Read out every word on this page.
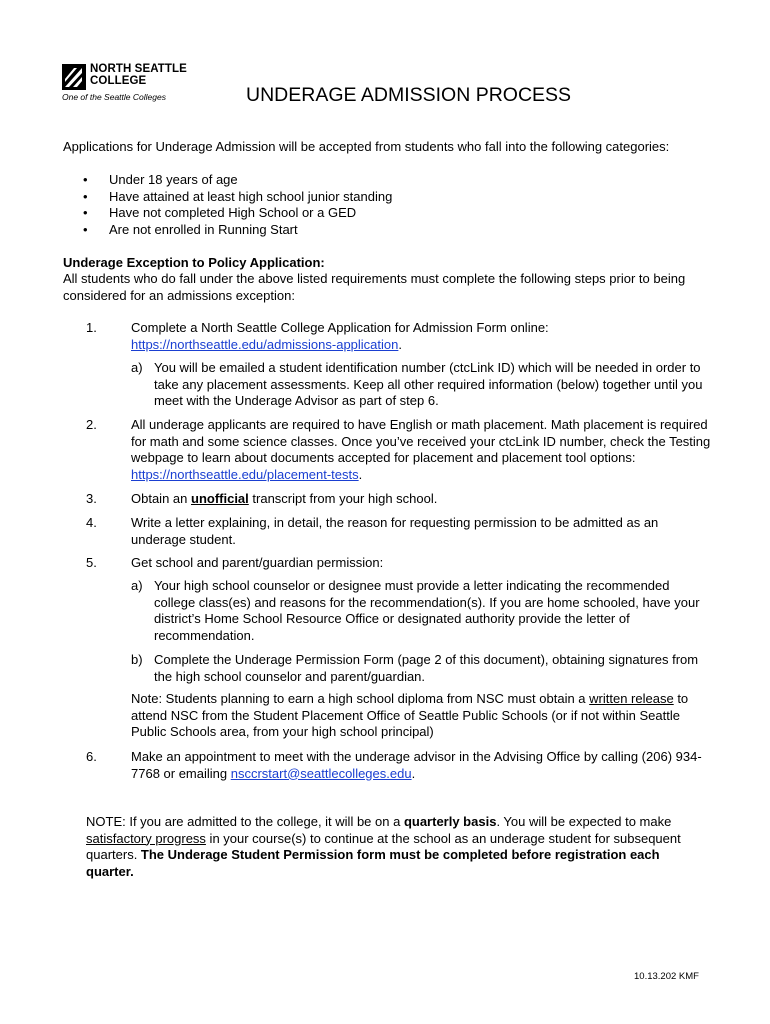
NORTH SEATTLE
COLLEGE
One of the Seattle Colleges	UNDERAGE ADMISSION PROCESS
Applications for Underage Admission will be accepted from students who fall into the following categories:
• Under 18 years of age
• Have attained at least high school junior standing
• Have not completed High School or a GED
• Are not enrolled in Running Start
Underage Exception to Policy Application:
All students who do fall under the above listed requirements must complete the following steps prior to being considered for an admissions exception:
1.	Complete a North Seattle College Application for Admission Form online:
https://northseattle.edu/admissions-application.
a) You will be emailed a student identification number (ctcLink ID) which will be needed in order to take any placement assessments. Keep all other required information (below) together until you meet with the Underage Advisor as part of step 6.
2.	All underage applicants are required to have English or math placement. Math placement is required for math and some science classes. Once you’ve received your ctcLink ID number, check the Testing webpage to learn about documents accepted for placement and placement tool options: https://northseattle.edu/placement-tests.
3.	Obtain an unofficial transcript from your high school.
4.	Write a letter explaining, in detail, the reason for requesting permission to be admitted as an underage student.
5.	Get school and parent/guardian permission:
a) Your high school counselor or designee must provide a letter indicating the recommended college class(es) and reasons for the recommendation(s). If you are home schooled, have your district’s Home School Resource Office or designated authority provide the letter of recommendation.
b) Complete the Underage Permission Form (page 2 of this document), obtaining signatures from the high school counselor and parent/guardian.
Note: Students planning to earn a high school diploma from NSC must obtain a written release to attend NSC from the Student Placement Office of Seattle Public Schools (or if not within Seattle Public Schools area, from your high school principal)
6.	Make an appointment to meet with the underage advisor in the Advising Office by calling (206) 934-7768 or emailing nsccrstart@seattlecolleges.edu.
NOTE: If you are admitted to the college, it will be on a quarterly basis. You will be expected to make satisfactory progress in your course(s) to continue at the school as an underage student for subsequent quarters. The Underage Student Permission form must be completed before registration each quarter.
10.13.202 KMF
